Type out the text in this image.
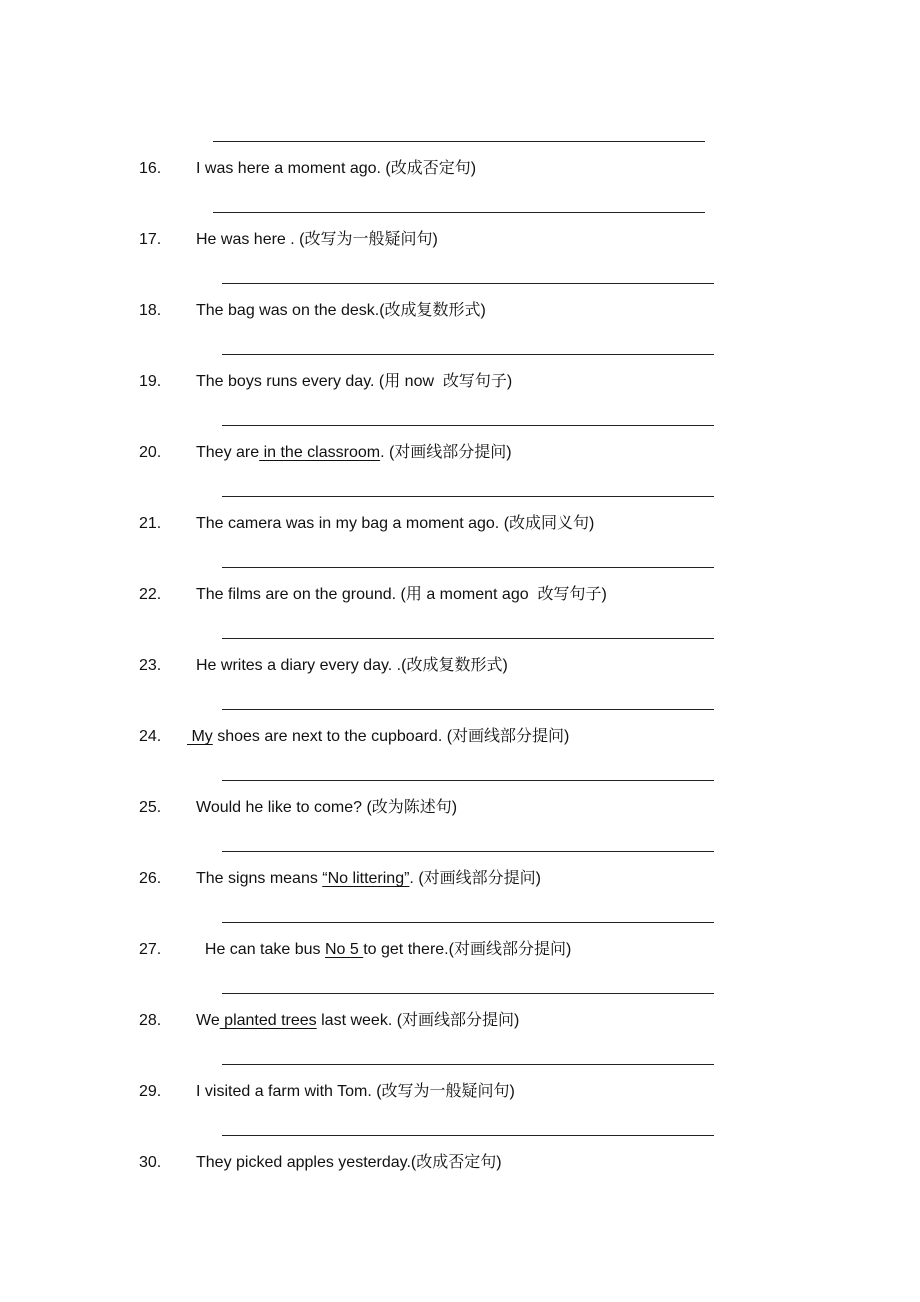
16. I was here a moment ago. (改成否定句)
17. He was here . (改写为一般疑问句)
18. The bag was on the desk.(改成复数形式)
19. The boys runs every day. (用 now  改写句子)
20. They are in the classroom. (对画线部分提问)
21. The camera was in my bag a moment ago. (改成同义句)
22. The films are on the ground. (用 a moment ago  改写句子)
23. He writes a diary every day. .(改成复数形式)
24. My shoes are next to the cupboard. (对画线部分提问)
25. Would he like to come? (改为陈述句)
26. The signs means “No littering”. (对画线部分提问)
27. He can take bus No 5 to get there.(对画线部分提问)
28. We planted trees last week. (对画线部分提问)
29. I visited a farm with Tom. (改写为一般疑问句)
30. They picked apples yesterday.(改成否定句)
